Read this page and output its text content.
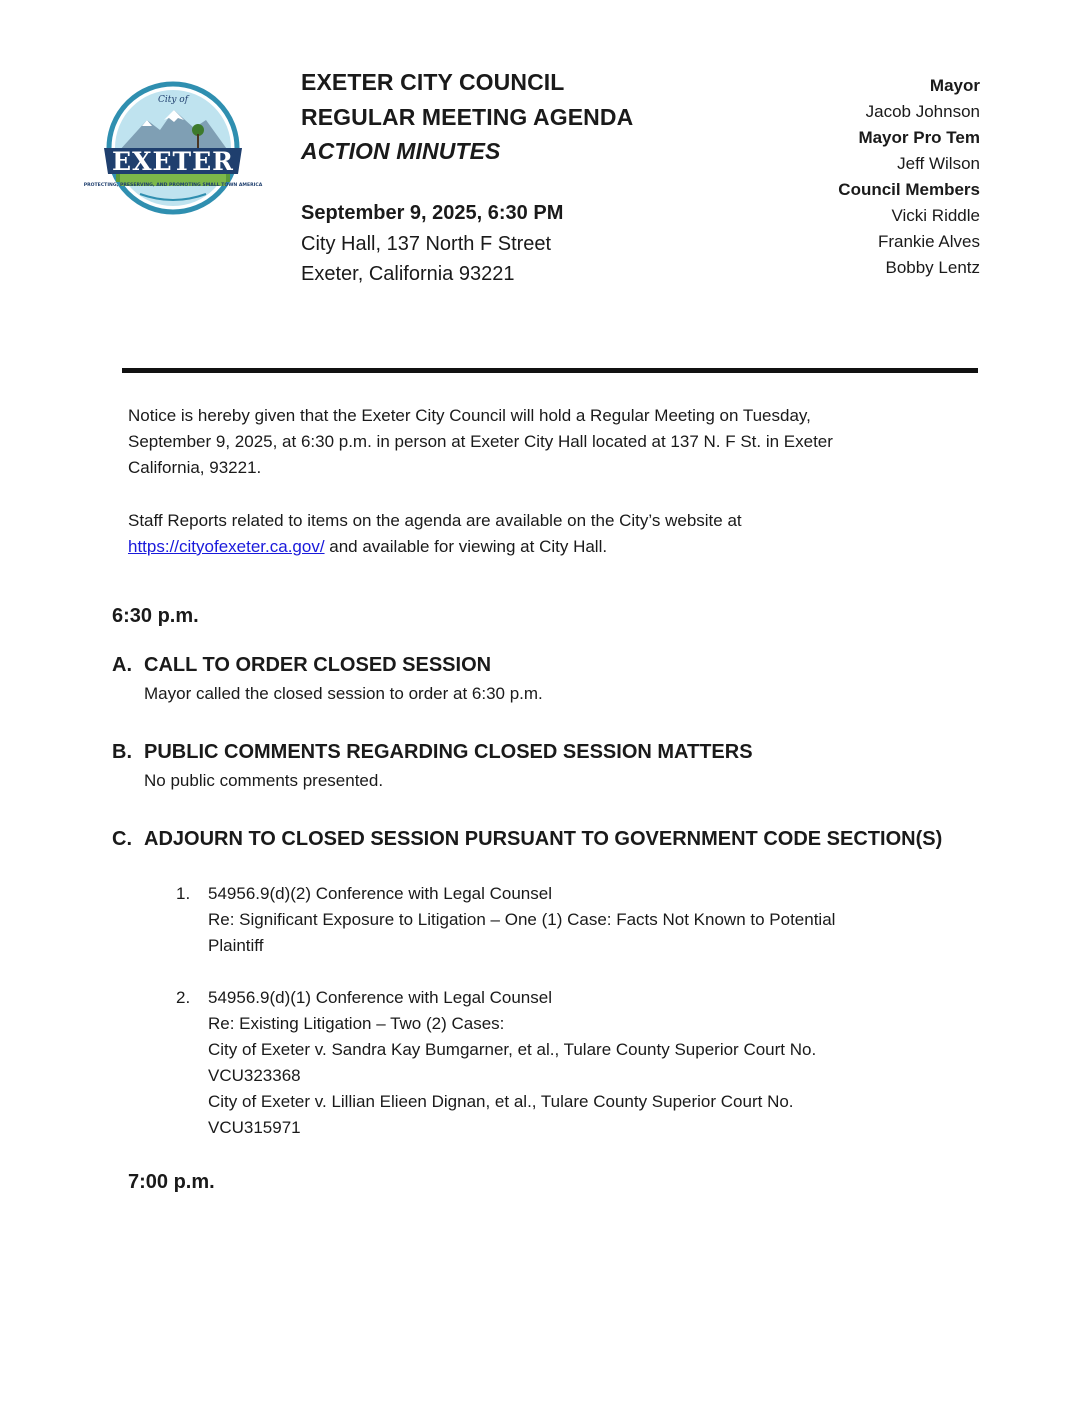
EXETER
City of
PROTECTING, PRESERVING, AND PROMOTING SMALL TOWN AMERICA
EXETER CITY COUNCIL
REGULAR MEETING AGENDA
ACTION MINUTES
September 9, 2025, 6:30 PM
City Hall, 137 North F Street
Exeter, California 93221
Mayor
Jacob Johnson
Mayor Pro Tem
Jeff Wilson
Council Members
Vicki Riddle
Frankie Alves
Bobby Lentz
Notice is hereby given that the Exeter City Council will hold a Regular Meeting on Tuesday,
September 9, 2025, at 6:30 p.m. in person at Exeter City Hall located at 137 N. F St. in Exeter
California, 93221.
Staff Reports related to items on the agenda are available on the City’s website at
https://cityofexeter.ca.gov/ and available for viewing at City Hall.
6:30 p.m.
A. CALL TO ORDER CLOSED SESSION
Mayor called the closed session to order at 6:30 p.m.
B. PUBLIC COMMENTS REGARDING CLOSED SESSION MATTERS
No public comments presented.
C. ADJOURN TO CLOSED SESSION PURSUANT TO GOVERNMENT CODE SECTION(S)
1. 54956.9(d)(2) Conference with Legal Counsel
Re: Significant Exposure to Litigation – One (1) Case: Facts Not Known to Potential
Plaintiff
2. 54956.9(d)(1) Conference with Legal Counsel
Re: Existing Litigation – Two (2) Cases:
City of Exeter v. Sandra Kay Bumgarner, et al., Tulare County Superior Court No.
VCU323368
City of Exeter v. Lillian Elieen Dignan, et al., Tulare County Superior Court No.
VCU315971
7:00 p.m.
